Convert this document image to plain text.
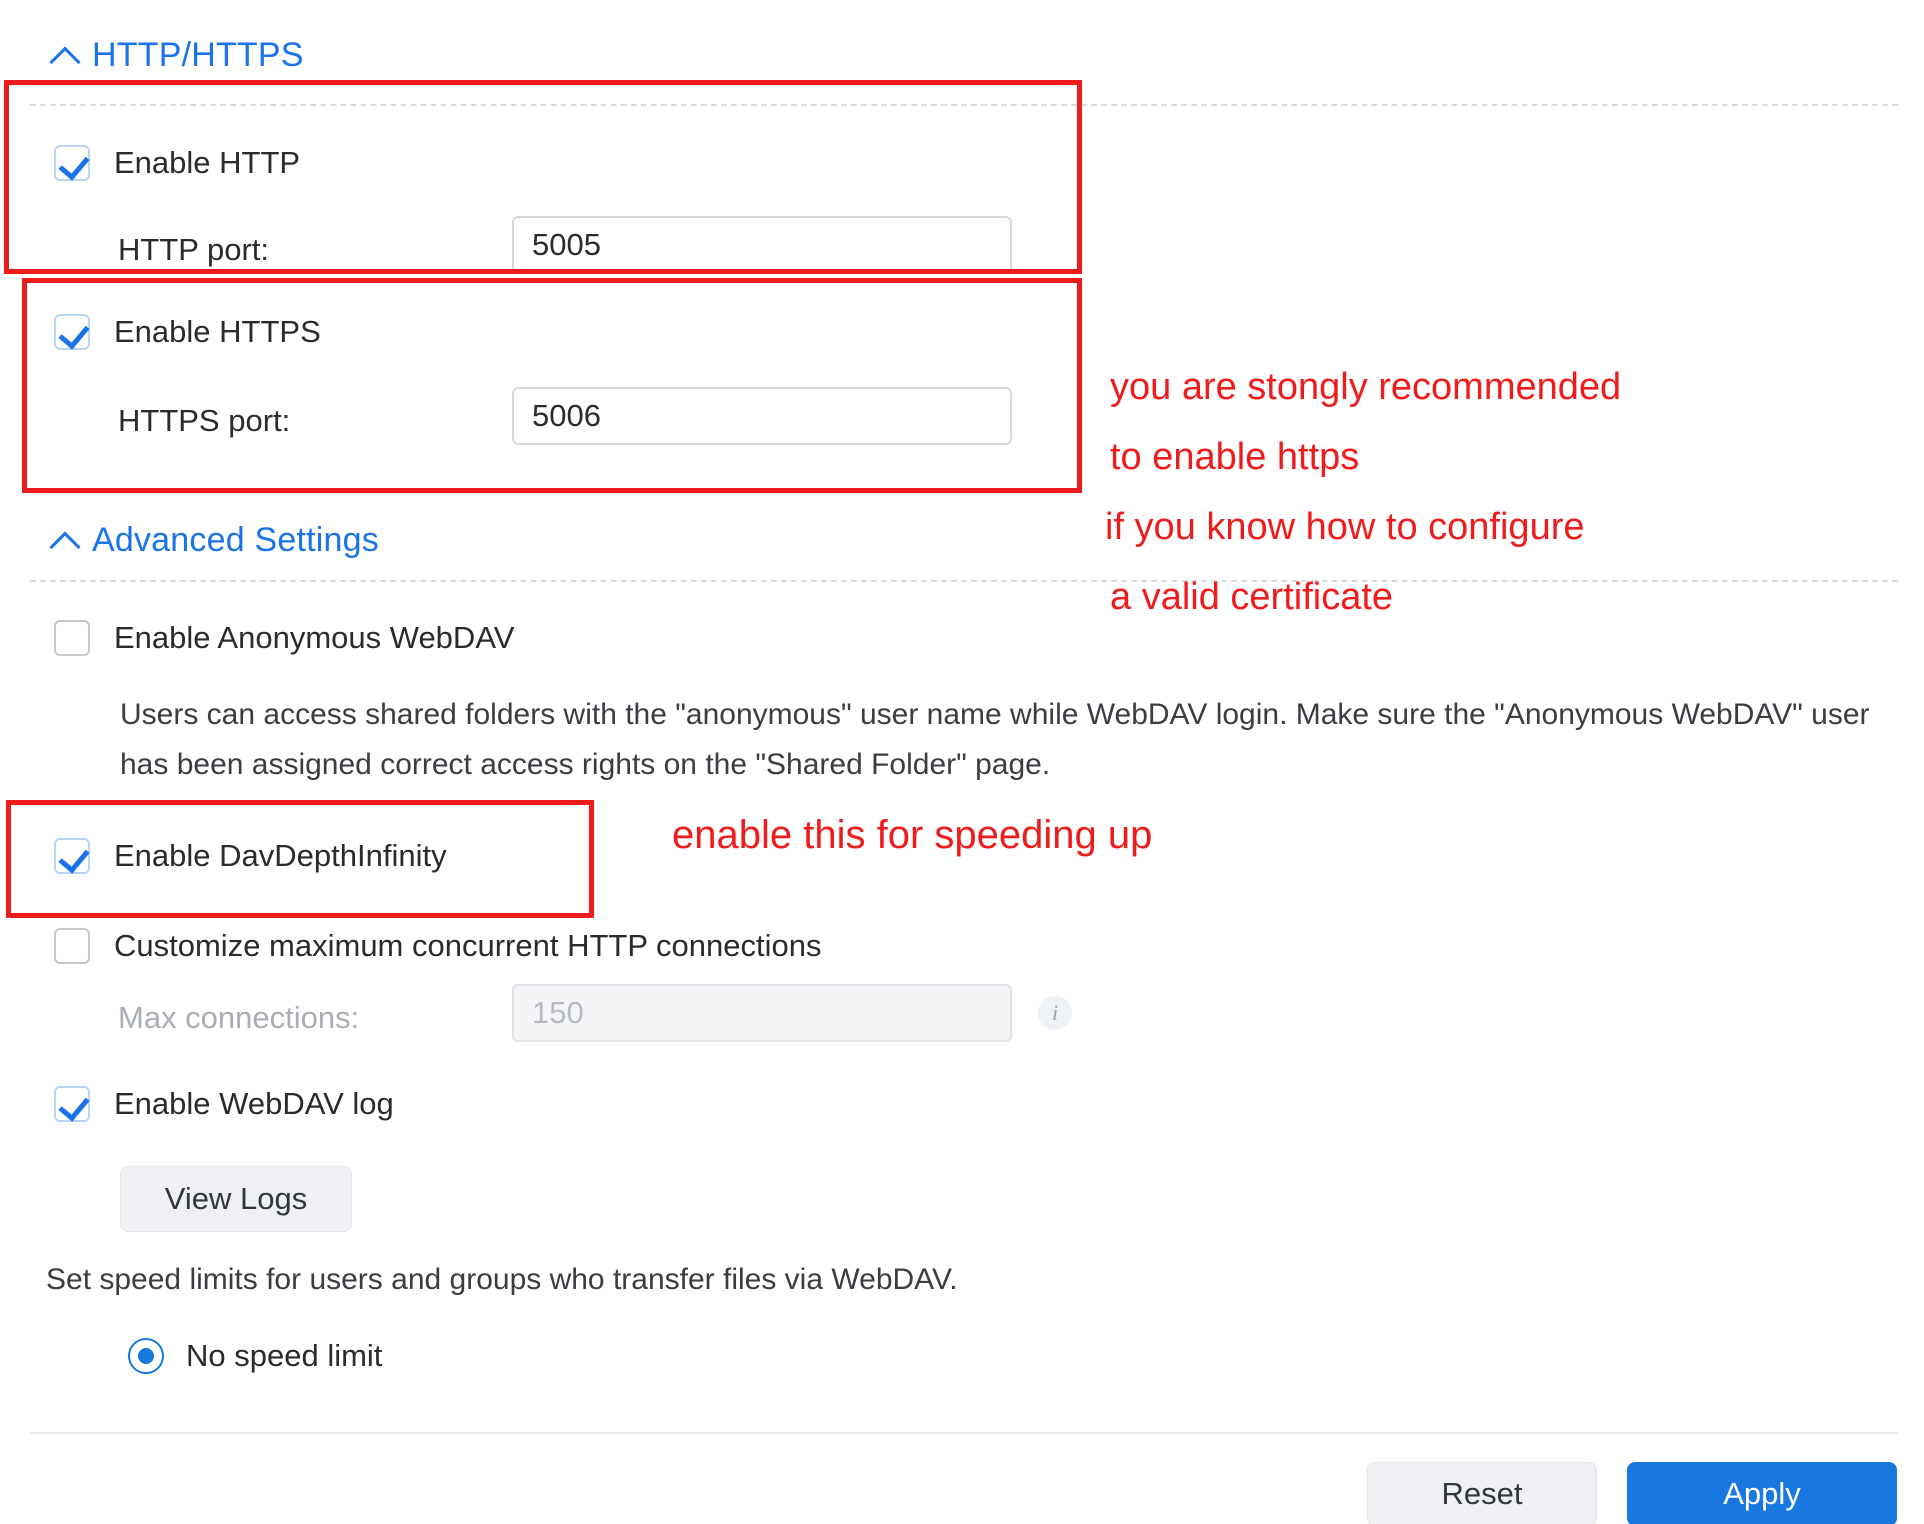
HTTP/HTTPS
Enable HTTP
HTTP port:
5005
Enable HTTPS
HTTPS port:
5006
Advanced Settings
Enable Anonymous WebDAV
Users can access shared folders with the "anonymous" user name while WebDAV login. Make sure the "Anonymous WebDAV" user has been assigned correct access rights on the "Shared Folder" page.
Enable DavDepthInfinity
Customize maximum concurrent HTTP connections
Max connections:
150	i
Enable WebDAV log
View Logs
Set speed limits for users and groups who transfer files via WebDAV.
No speed limit
Reset	Apply
you are stongly recommended
to enable https
if you know how to configure
a valid certificate
enable this for speeding up
